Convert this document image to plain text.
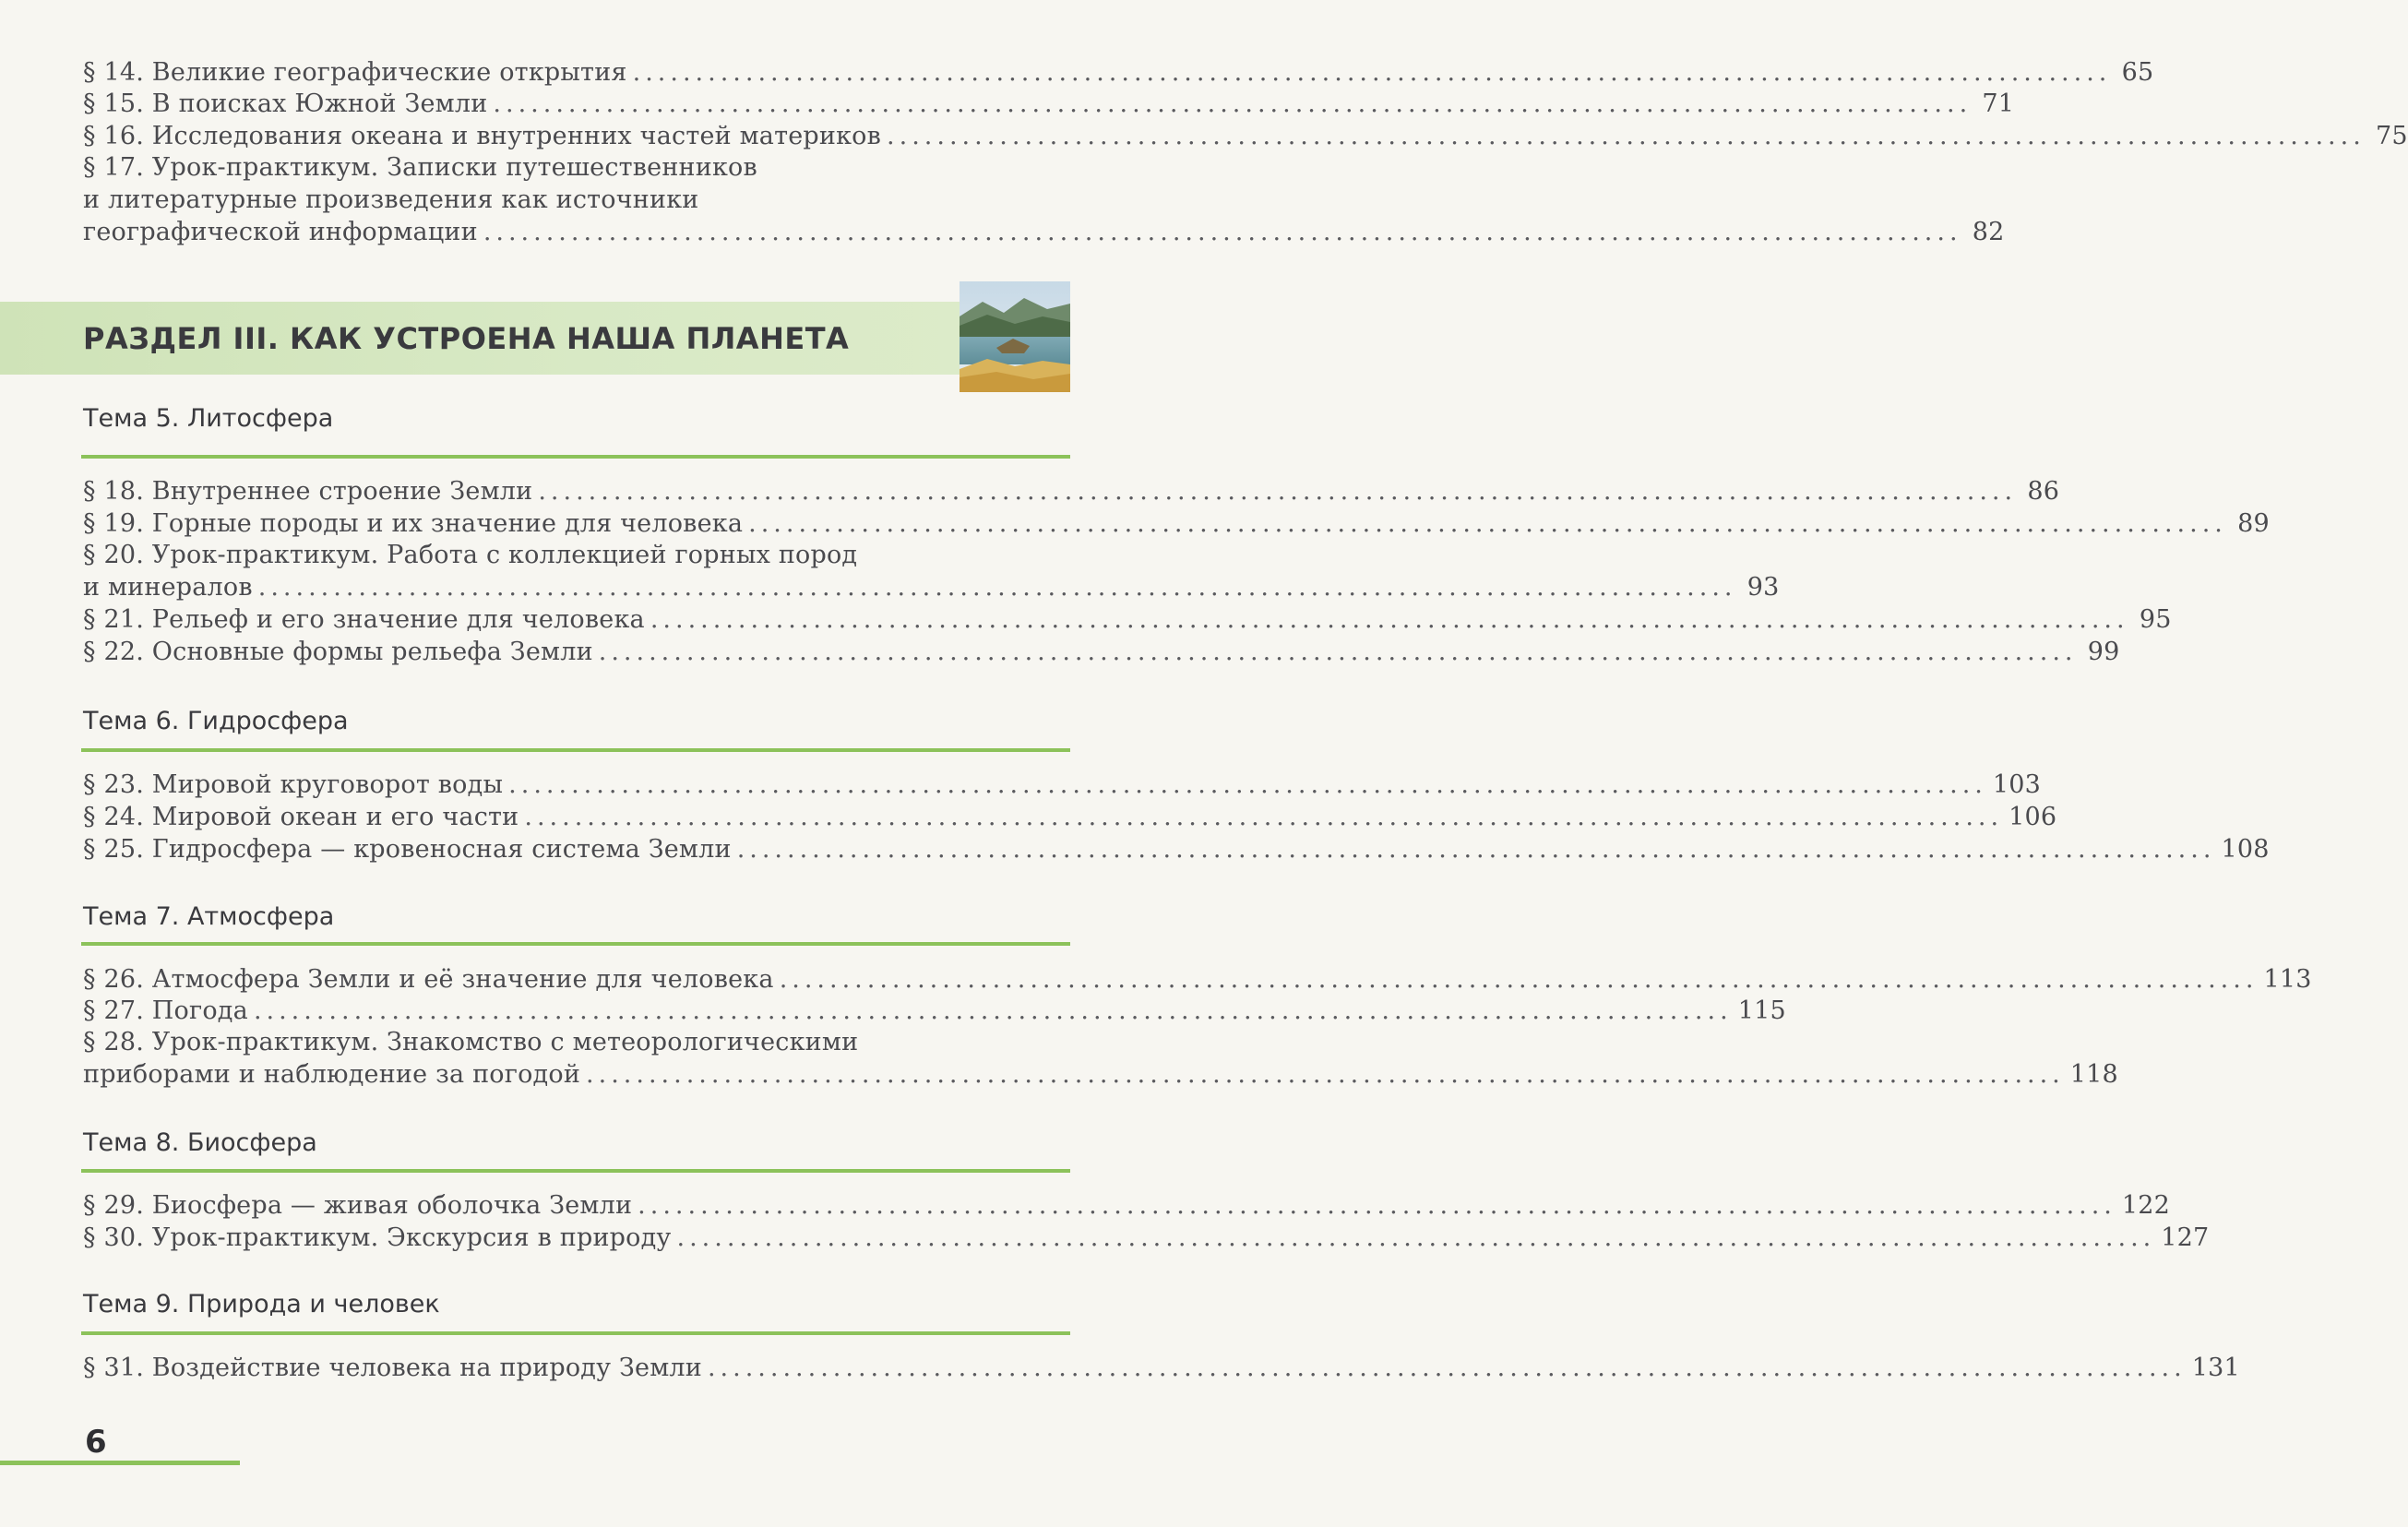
§ 14. Великие географические открытия ...................................................................................................................... 65
§ 15. В поисках Южной Земли ...................................................................................................................... 71
§ 16. Исследования океана и внутренних частей материков ...................................................................................................................... 75
§ 17. Урок-практикум. Записки путешественников
и литературные произведения как источники
географической информации ...................................................................................................................... 82
РАЗДЕЛ III. КАК УСТРОЕНА НАША ПЛАНЕТА
Тема 5. Литосфера
§ 18. Внутреннее строение Земли ...................................................................................................................... 86
§ 19. Горные породы и их значение для человека ...................................................................................................................... 89
§ 20. Урок-практикум. Работа с коллекцией горных пород
и минералов ...................................................................................................................... 93
§ 21. Рельеф и его значение для человека ...................................................................................................................... 95
§ 22. Основные формы рельефа Земли ...................................................................................................................... 99
Тема 6. Гидросфера
§ 23. Мировой круговорот воды ...................................................................................................................... 103
§ 24. Мировой океан и его части ...................................................................................................................... 106
§ 25. Гидросфера — кровеносная система Земли ...................................................................................................................... 108
Тема 7. Атмосфера
§ 26. Атмосфера Земли и её значение для человека ...................................................................................................................... 113
§ 27. Погода ...................................................................................................................... 115
§ 28. Урок-практикум. Знакомство с метеорологическими
приборами и наблюдение за погодой ...................................................................................................................... 118
Тема 8. Биосфера
§ 29. Биосфера — живая оболочка Земли ...................................................................................................................... 122
§ 30. Урок-практикум. Экскурсия в природу ...................................................................................................................... 127
Тема 9. Природа и человек
§ 31. Воздействие человека на природу Земли ...................................................................................................................... 131
6
